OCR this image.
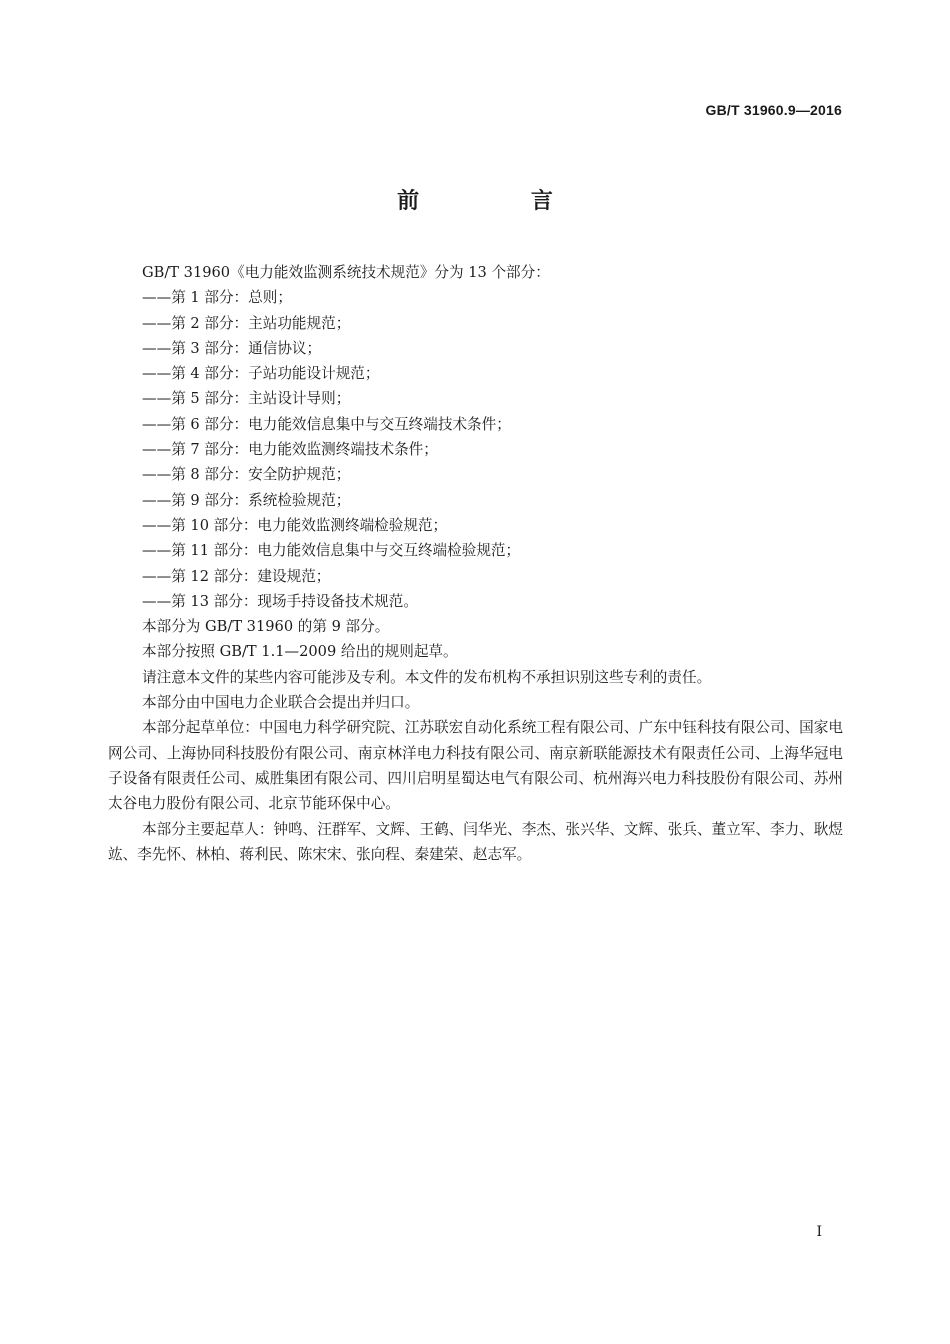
GB/T 31960.9—2016
前 言

GB/T 31960《电力能效监测系统技术规范》分为 13 个部分：

——第 1 部分：总则；

——第 2 部分：主站功能规范；

——第 3 部分：通信协议；

——第 4 部分：子站功能设计规范；

——第 5 部分：主站设计导则；

——第 6 部分：电力能效信息集中与交互终端技术条件；

——第 7 部分：电力能效监测终端技术条件；

——第 8 部分：安全防护规范；

——第 9 部分：系统检验规范；

——第 10 部分：电力能效监测终端检验规范；

——第 11 部分：电力能效信息集中与交互终端检验规范；

——第 12 部分：建设规范；

——第 13 部分：现场手持设备技术规范。

本部分为 GB/T 31960 的第 9 部分。

本部分按照 GB/T 1.1—2009 给出的规则起草。

请注意本文件的某些内容可能涉及专利。本文件的发布机构不承担识别这些专利的责任。

本部分由中国电力企业联合会提出并归口。

本部分起草单位：中国电力科学研究院、江苏联宏自动化系统工程有限公司、广东中钰科技有限公司、国家电网公司、上海协同科技股份有限公司、南京林洋电力科技有限公司、南京新联能源技术有限责任公司、上海华冠电子设备有限责任公司、威胜集团有限公司、四川启明星蜀达电气有限公司、杭州海兴电力科技股份有限公司、苏州太谷电力股份有限公司、北京节能环保中心。

本部分主要起草人：钟鸣、汪群军、文辉、王鹤、闫华光、李杰、张兴华、文辉、张兵、董立军、李力、耿煜竑、李先怀、林柏、蒋利民、陈宋宋、张向程、秦建荣、赵志军。

I
